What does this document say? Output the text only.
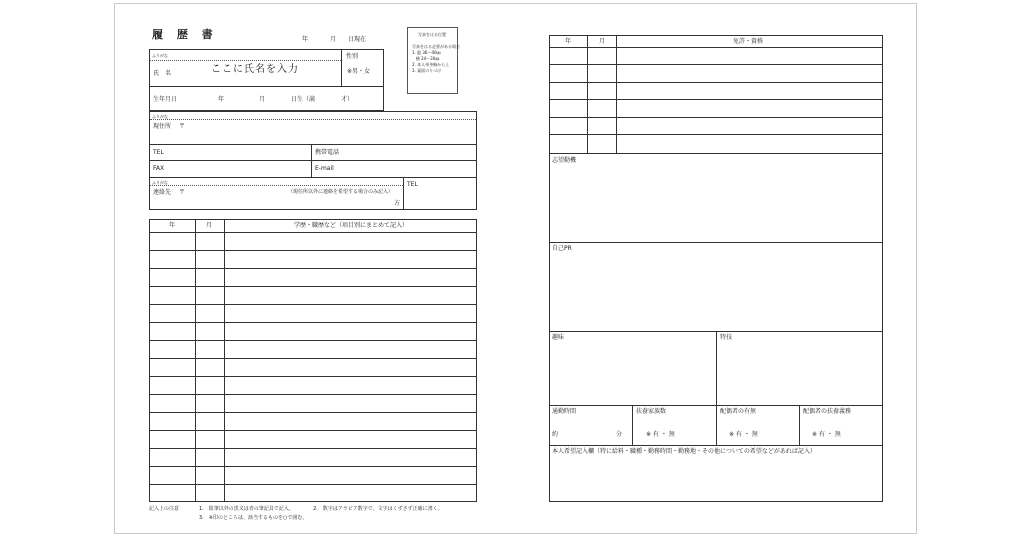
履 歴 書	年	月 日現在
写真をはる位置
写真をはる必要がある場合
1. 縦 36〜40㎜
横 24〜30㎜
2. 本人単身胸から上
3. 裏面のりづけ
ふりがな
氏　名	ここに氏名を入力
性別
※男・女
生年月日	年	月	日生（満	才）
ふりがな
現住所 〒
TEL	携帯電話
FAX	E-mail
ふりがな
連絡先 〒	（現住所以外に連絡を希望する場合のみ記入）
方
TEL
年	月	学歴・職歴など（項目別にまとめて記入）
記入上の注意	1.　鉛筆以外の黒又は青の筆記具で記入。	2.　数字はアラビア数字で、文字はくずさず正確に書く。
3.　※印のところは、該当するものを○で囲む。
年	月	免許・資格
志望動機
自己PR
趣味	特技
通勤時間
約	分
扶養家族数
※ 有 ・ 無
配偶者の有無
※ 有 ・ 無
配偶者の扶養義務
※ 有 ・ 無
本人希望記入欄（特に給料・職種・勤務時間・勤務地・その他についての希望などがあれば記入）
